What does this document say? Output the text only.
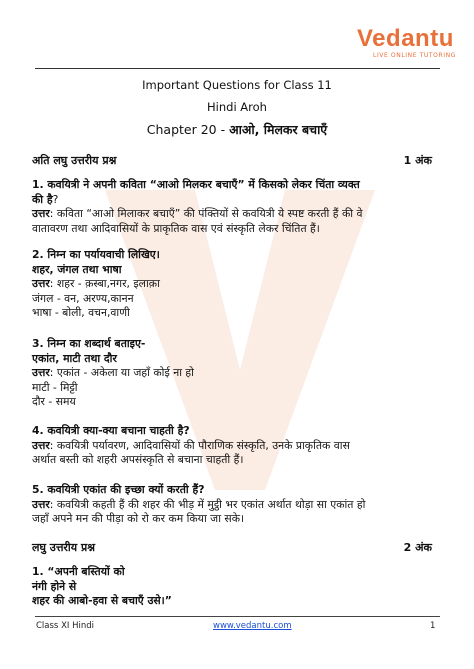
Vedantu
LIVE ONLINE TUTORING
Important Questions for Class 11
Hindi Aroh
Chapter 20 - आओ, मिलकर बचाएँ
अति लघु उत्तरीय प्रश्न	1 अंक
1. कवयित्री ने अपनी कविता “आओ मिलकर बचाएँ” में किसको लेकर चिंता व्यक्त
की है?
उत्तर: कविता “आओ मिलाकर बचाएँ” की पंक्तियों से कवयित्री ये स्पष्ट करती हैं की वे
वातावरण तथा आदिवासियों के प्राकृतिक वास एवं संस्कृति लेकर चिंतित हैं।
2. निम्न का पर्यायवाची लिखिए।
शहर, जंगल तथा भाषा
उत्तर: शहर - क़स्बा,नगर, इलाक़ा
जंगल - वन, अरण्य,कानन
भाषा - बोली, वचन,वाणी
3. निम्न का शब्दार्थ बताइए-
एकांत, माटी तथा दौर
उत्तर: एकांत - अकेला या जहाँ कोई ना हो
माटी - मिट्टी
दौर - समय
4. कवयित्री क्या-क्या बचाना चाहती है?
उत्तर: कवयित्री पर्यावरण, आदिवासियों की पौराणिक संस्कृति, उनके प्राकृतिक वास
अर्थात बस्ती को शहरी अपसंस्कृति से बचाना चाहती हैं।
5. कवयित्री एकांत की इच्छा क्यों करती हैं?
उत्तर: कवयित्री कहती हैं की शहर की भीड़ में मुट्ठी भर एकांत अर्थात थोड़ा सा एकांत हो
जहाँ अपने मन की पीड़ा को रो कर कम किया जा सके।
लघु उत्तरीय प्रश्न	2 अंक
1. “अपनी बस्तियों को
नंगी होने से
शहर की आबो-हवा से बचाएँ उसे।”
Class XI Hindi	www.vedantu.com	1
